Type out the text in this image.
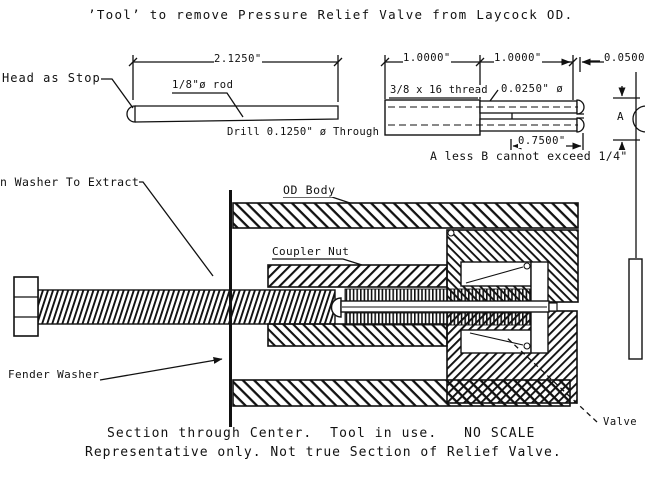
’Tool’ to remove Pressure Relief Valve from Laycock OD.
Head as Stop
2.1250"
1/8"ø rod
Drill 0.1250" ø Through
1.0000"	1.0000"	0.0500
3/8 x 16 thread 0.0250" ø
0.7500"
A
A less B cannot exceed 1/4"
n Washer To Extract
OD Body
Coupler Nut
Fender Washer
Valve
Section through Center.  Tool in use.   NO SCALE
Representative only. Not true Section of Relief Valve.
